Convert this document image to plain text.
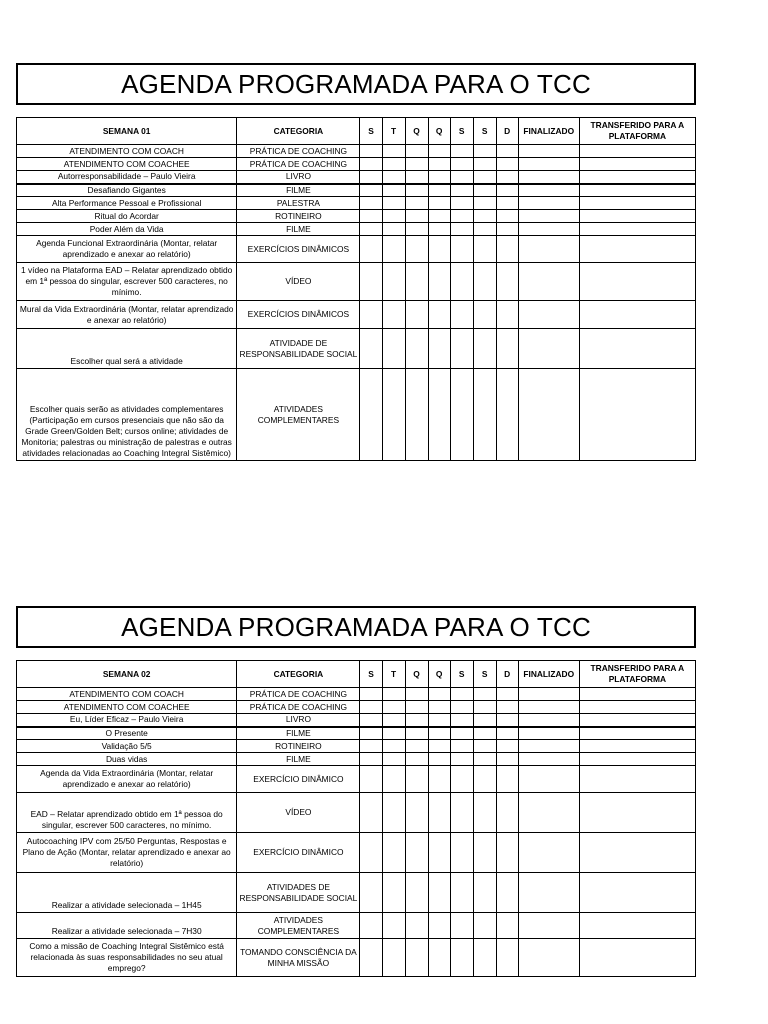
AGENDA PROGRAMADA PARA O TCC
SEMANA 01	CATEGORIA	S	T	Q	Q	S	S	D	FINALIZADO	TRANSFERIDO PARA A PLATAFORMA
ATENDIMENTO COM COACH	PRÁTICA DE COACHING									
ATENDIMENTO COM COACHEE	PRÁTICA DE COACHING									
Autorresponsabilidade – Paulo Vieira	LIVRO									
Desafiando Gigantes	FILME									
Alta Performance Pessoal e Profissional	PALESTRA									
Ritual do Acordar	ROTINEIRO									
Poder Além da Vida	FILME									
Agenda Funcional Extraordinária (Montar, relatar aprendizado e anexar ao relatório)	EXERCÍCIOS DINÂMICOS									
1 vídeo na Plataforma EAD – Relatar aprendizado obtido em 1ª pessoa do singular, escrever 500 caracteres, no mínimo.	VÍDEO									
Mural da Vida Extraordinária (Montar, relatar aprendizado e anexar ao relatório)	EXERCÍCIOS DINÂMICOS									
Escolher qual será a atividade	ATIVIDADE DE RESPONSABILIDADE SOCIAL									
Escolher quais serão as atividades complementares (Participação em cursos presenciais que não são da Grade Green/Golden Belt; cursos online; atividades de Monitoria; palestras ou ministração de palestras e outras atividades relacionadas ao Coaching Integral Sistêmico)	ATIVIDADES COMPLEMENTARES									
AGENDA PROGRAMADA PARA O TCC
SEMANA 02	CATEGORIA	S	T	Q	Q	S	S	D	FINALIZADO	TRANSFERIDO PARA A PLATAFORMA
ATENDIMENTO COM COACH	PRÁTICA DE COACHING									
ATENDIMENTO COM COACHEE	PRÁTICA DE COACHING									
Eu, Líder Eficaz – Paulo Vieira	LIVRO									
O Presente	FILME									
Validação 5/5	ROTINEIRO									
Duas vidas	FILME									
Agenda da Vida Extraordinária (Montar, relatar aprendizado e anexar ao relatório)	EXERCÍCIO DINÂMICO									
EAD – Relatar aprendizado obtido em 1ª pessoa do singular, escrever 500 caracteres, no mínimo.	VÍDEO									
Autocoaching IPV com 25/50 Perguntas, Respostas e Plano de Ação (Montar, relatar aprendizado e anexar ao relatório)	EXERCÍCIO DINÂMICO									
Realizar a atividade selecionada – 1H45	ATIVIDADES DE RESPONSABILIDADE SOCIAL									
Realizar a atividade selecionada – 7H30	ATIVIDADES COMPLEMENTARES									
Como a missão de Coaching Integral Sistêmico está relacionada às suas responsabilidades no seu atual emprego?	TOMANDO CONSCIÊNCIA DA MINHA MISSÃO									
